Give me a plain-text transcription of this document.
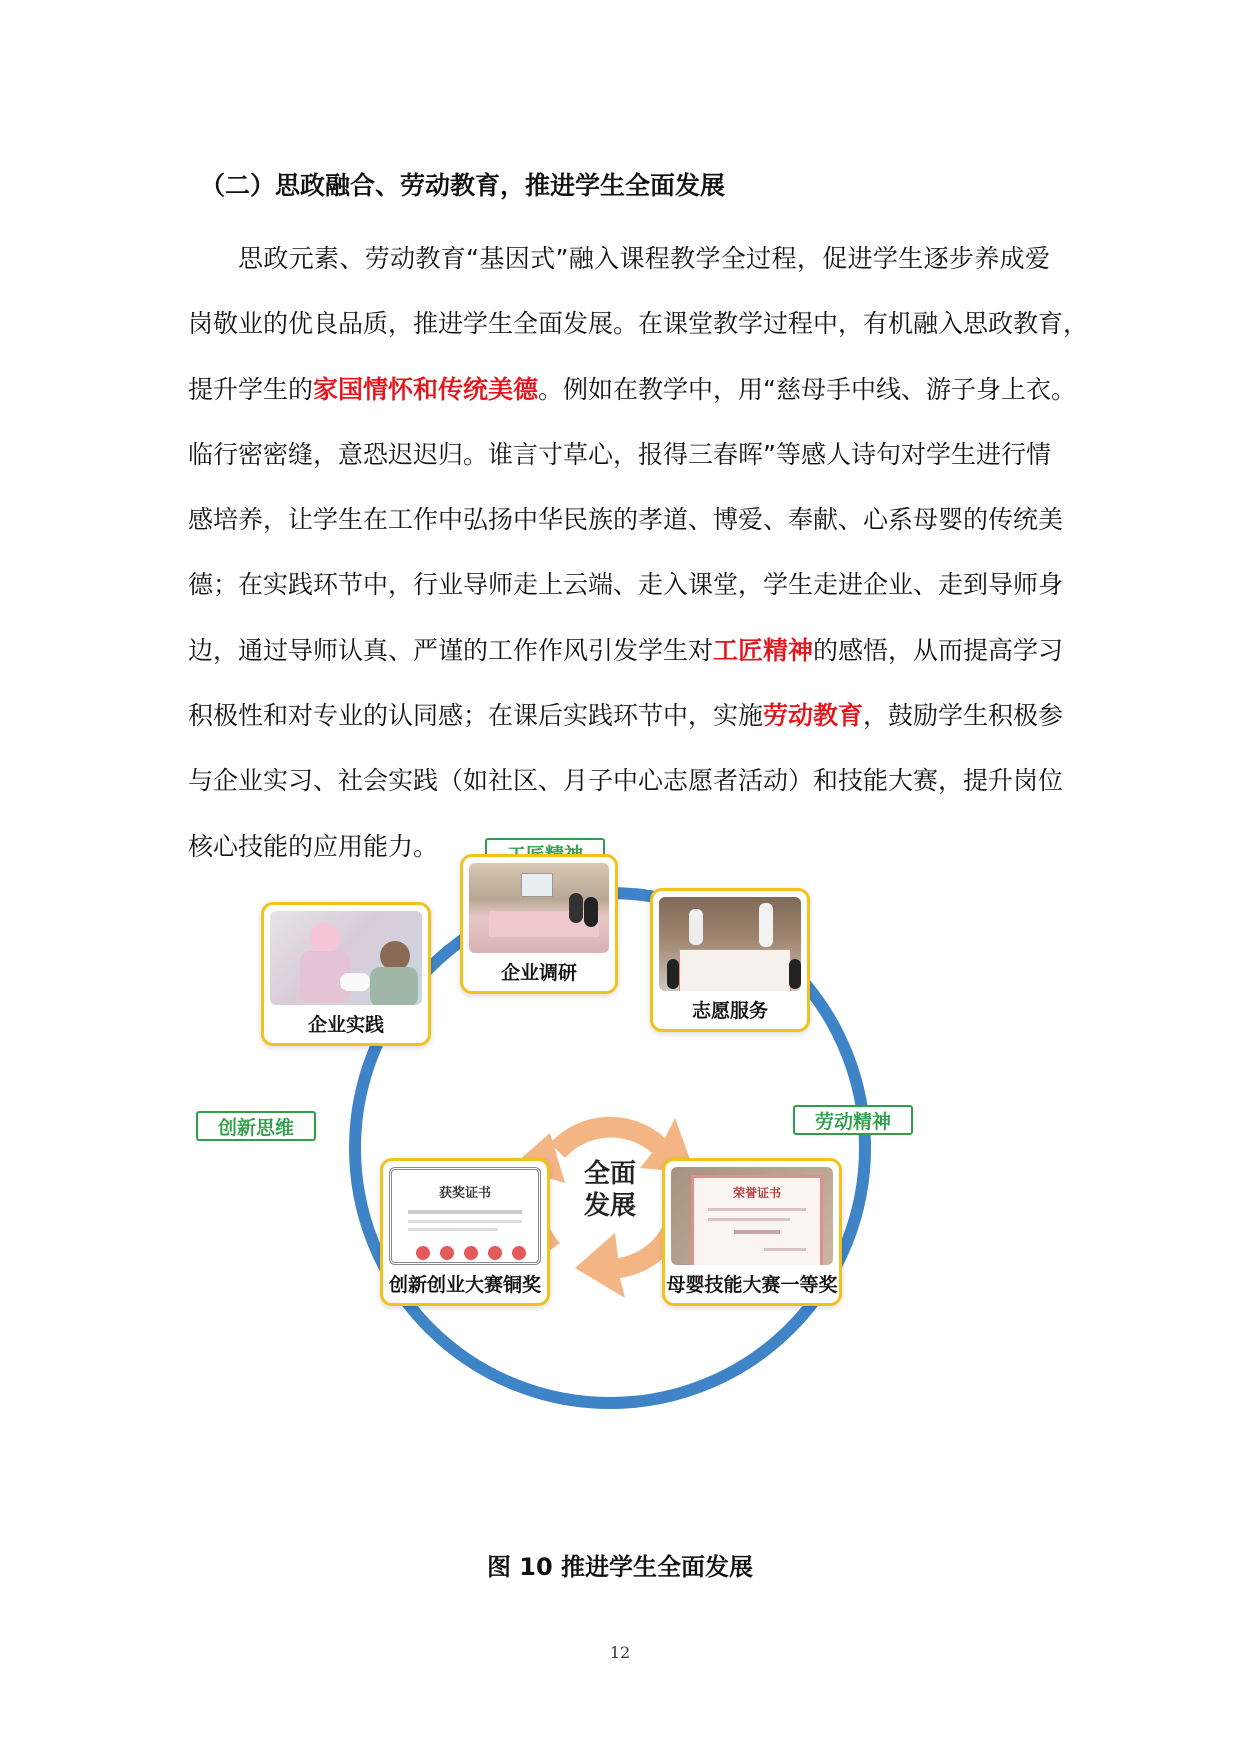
（二）思政融合、劳动教育，推进学生全面发展
思政元素、劳动教育“基因式”融入课程教学全过程，促进学生逐步养成爱
岗敬业的优良品质，推进学生全面发展。在课堂教学过程中，有机融入思政教育，
提升学生的家国情怀和传统美德。例如在教学中，用“慈母手中线、游子身上衣。
临行密密缝，意恐迟迟归。谁言寸草心，报得三春晖”等感人诗句对学生进行情
感培养，让学生在工作中弘扬中华民族的孝道、博爱、奉献、心系母婴的传统美
德；在实践环节中，行业导师走上云端、走入课堂，学生走进企业、走到导师身
边，通过导师认真、严谨的工作作风引发学生对工匠精神的感悟，从而提高学习
积极性和对专业的认同感；在课后实践环节中，实施劳动教育，鼓励学生积极参
与企业实习、社会实践（如社区、月子中心志愿者活动）和技能大赛，提升岗位
核心技能的应用能力。
全面
发展
创新思维	劳动精神
企业调研
志愿服务
企业实践
获奖证书
创新创业大赛铜奖
荣誉证书
母婴技能大赛一等奖
图 10 推进学生全面发展
12
